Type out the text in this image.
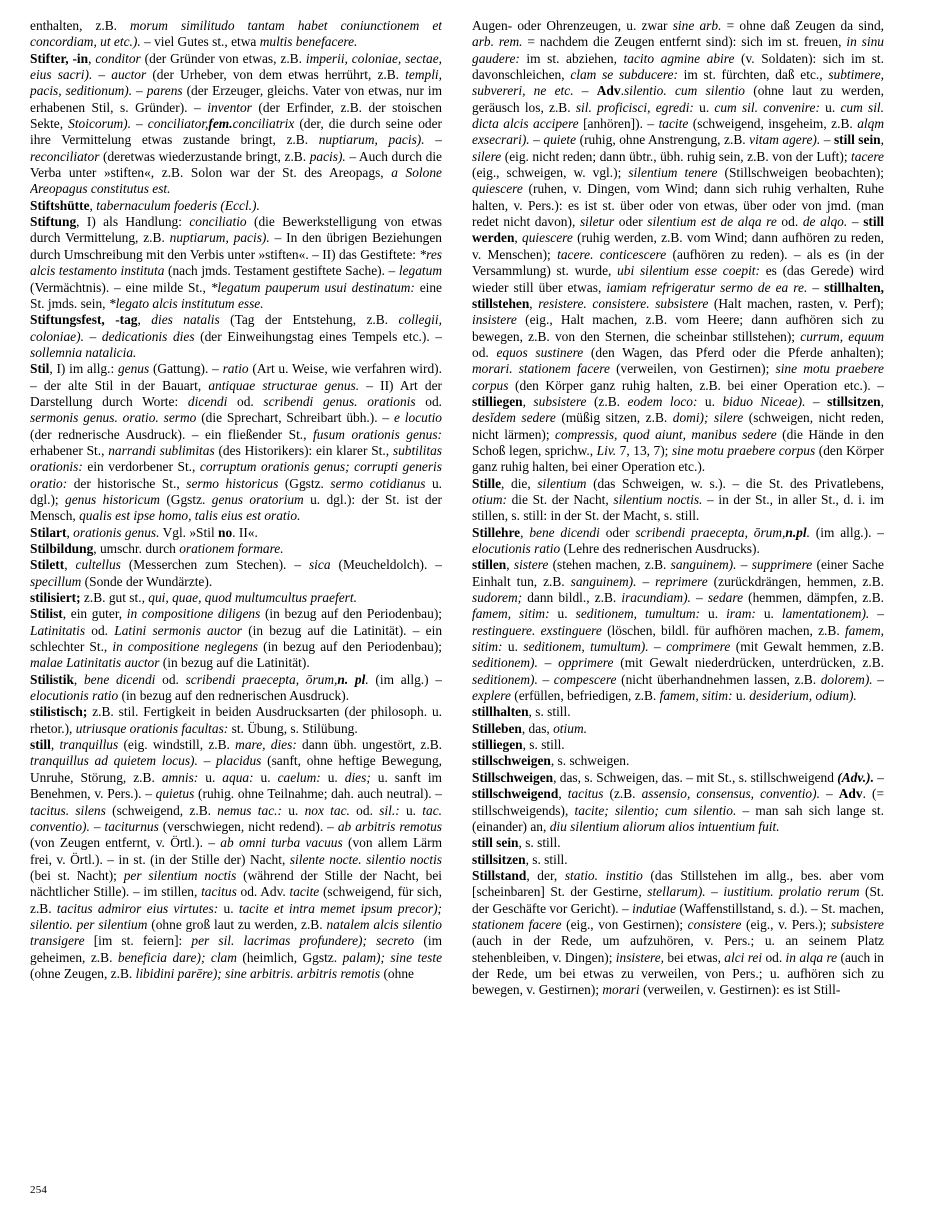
enthalten, z.B. morum similitudo tantam habet coniunctionem et concordiam, ut etc.). – viel Gutes st., etwa multis benefacere.

Stifter, -in, conditor (der Gründer von etwas, z.B. imperii, coloniae, sectae, eius sacri). – auctor (der Urheber, von dem etwas herrührt, z.B. templi, pacis, seditionum). – parens (der Erzeuger, gleichs. Vater von etwas, nur im erhabenen Stil, s. Gründer). – inventor (der Erfinder, z.B. der stoischen Sekte, Stoicorum). – conciliator,fem.conciliatrix (der, die durch seine oder ihre Vermittelung etwas zustande bringt, z.B. nuptiarum, pacis). – reconciliator (deretwas wiederzustande bringt, z.B. pacis). – Auch durch die Verba unter »stiften«, z.B. Solon war der St. des Areopags, a Solone Areopagus constitutus est.

Stiftshütte, tabernaculum foederis (Eccl.).

Stiftung, I) als Handlung: conciliatio (die Bewerkstelligung von etwas durch Vermittelung, z.B. nuptiarum, pacis). – In den übrigen Beziehungen durch Umschreibung mit den Verbis unter »stiften«. – II) das Gestiftete: *res alcis testamento instituta (nach jmds. Testament gestiftete Sache). – legatum (Vermächtnis). – eine milde St., *legatum pauperum usui destinatum: eine St. jmds. sein, *legato alcis institutum esse.

Stiftungsfest, -tag, dies natalis (Tag der Entstehung, z.B. collegii, coloniae). – dedicationis dies (der Einweihungstag eines Tempels etc.). – sollemnia natalicia.

Stil, I) im allg.: genus (Gattung). – ratio (Art u. Weise, wie verfahren wird). – der alte Stil in der Bauart, antiquae structurae genus. – II) Art der Darstellung durch Worte: dicendi od. scribendi genus. orationis od. sermonis genus. oratio. sermo (die Sprechart, Schreibart übh.). – e locutio (der rednerische Ausdruck). – ein fließender St., fusum orationis genus: erhabener St., narrandi sublimitas (des Historikers): ein klarer St., subtilitas orationis: ein verdorbener St., corruptum orationis genus; corrupti generis oratio: der historische St., sermo historicus (Ggstz. sermo cotidianus u. dgl.); genus historicum (Ggstz. genus oratorium u. dgl.): der St. ist der Mensch, qualis est ipse homo, talis eius est oratio.

Stilart, orationis genus. Vgl. »Stil no. II«.

Stilbildung, umschr. durch orationem formare.

Stilett, cultellus (Messerchen zum Stechen). – sica (Meucheldolch). – specillum (Sonde der Wundärzte).

stilisiert; z.B. gut st., qui, quae, quod multumcultus praefert.

Stilist, ein guter, in compositione diligens (in bezug auf den Periodenbau); Latinitatis od. Latini sermonis auctor (in bezug auf die Latinität). – ein schlechter St., in compositione neglegens (in bezug auf den Periodenbau); malae Latinitatis auctor (in bezug auf die Latinität).

Stilistik, bene dicendi od. scribendi praecepta, ōrum,n. pl. (im allg.) – elocutionis ratio (in bezug auf den rednerischen Ausdruck).

stilistisch; z.B. stil. Fertigkeit in beiden Ausdrucksarten (der philosoph. u. rhetor.), utriusque orationis facultas: st. Übung, s. Stilübung.

still, tranquillus (eig. windstill, z.B. mare, dies: dann übh. ungestört, z.B. tranquillus ad quietem locus). – placidus (sanft, ohne heftige Bewegung, Unruhe, Störung, z.B. amnis: u. aqua: u. caelum: u. dies; u. sanft im Benehmen, v. Pers.). – quietus (ruhig. ohne Teilnahme; dah. auch neutral). – tacitus. silens (schweigend, z.B. nemus tac.: u. nox tac. od. sil.: u. tac. conventio). – taciturnus (verschwiegen, nicht redend). – ab arbitris remotus (von Zeugen entfernt, v. Örtl.). – ab omni turba vacuus (von allem Lärm frei, v. Örtl.). – in st. (in der Stille der) Nacht, silente nocte. silentio noctis (bei st. Nacht); per silentium noctis (während der Stille der Nacht, bei nächtlicher Stille). – im stillen, tacitus od. Adv. tacite (schweigend, für sich, z.B. tacitus admiror eius virtutes: u. tacite et intra memet ipsum precor); silentio. per silentium (ohne groß laut zu werden, z.B. natalem alcis silentio transigere [im st. feiern]: per sil. lacrimas profundere); secreto (im geheimen, z.B. beneficia dare); clam (heimlich, Ggstz. palam); sine teste (ohne Zeugen, z.B. libidini parēre); sine arbitris. arbitris remotis (ohne

Augen- oder Ohrenzeugen, u. zwar sine arb. = ohne daß Zeugen da sind, arb. rem. = nachdem die Zeugen entfernt sind): sich im st. freuen, in sinu gaudere: im st. abziehen, tacito agmine abire (v. Soldaten): sich im st. davonschleichen, clam se subducere: im st. fürchten, daß etc., subtimere, subvereri, ne etc. – Adv.silentio. cum silentio (ohne laut zu werden, geräusch los, z.B. sil. proficisci, egredi: u. cum sil. convenire: u. cum sil. dicta alcis accipere [anhören]). – tacite (schweigend, insgeheim, z.B. alqm exsecrari). – quiete (ruhig, ohne Anstrengung, z.B. vitam agere). – still sein, silere (eig. nicht reden; dann übtr., übh. ruhig sein, z.B. von der Luft); tacere (eig., schweigen, w. vgl.); silentium tenere (Stillschweigen beobachten); quiescere (ruhen, v. Dingen, vom Wind; dann sich ruhig verhalten, Ruhe halten, v. Pers.): es ist st. über oder von etwas, über oder von jmd. (man redet nicht davon), siletur oder silentium est de alqa re od. de alqo. – still werden, quiescere (ruhig werden, z.B. vom Wind; dann aufhören zu reden, v. Menschen); tacere. conticescere (aufhören zu reden). – als es (in der Versammlung) st. wurde, ubi silentium esse coepit: es (das Gerede) wird wieder still über etwas, iamiam refrigeratur sermo de ea re. – stillhalten, stillstehen, resistere. consistere. subsistere (Halt machen, rasten, v. Perf); insistere (eig., Halt machen, z.B. vom Heere; dann aufhören sich zu bewegen, z.B. von den Sternen, die scheinbar stillstehen); currum, equum od. equos sustinere (den Wagen, das Pferd oder die Pferde anhalten); morari. stationem facere (verweilen, von Gestirnen); sine motu praebere corpus (den Körper ganz ruhig halten, z.B. bei einer Operation etc.). – stilliegen, subsistere (z.B. eodem loco: u. biduo Niceae). – stillsitzen, desĭdem sedere (müßig sitzen, z.B. domi); silere (schweigen, nicht reden, nicht lärmen); compressis, quod aiunt, manibus sedere (die Hände in den Schoß legen, sprichw., Liv. 7, 13, 7); sine motu praebere corpus (den Körper ganz ruhig halten, bei einer Operation etc.).

Stille, die, silentium (das Schweigen, w. s.). – die St. des Privatlebens, otium: die St. der Nacht, silentium noctis. – in der St., in aller St., d. i. im stillen, s. still: in der St. der Macht, s. still.

Stillehre, bene dicendi oder scribendi praecepta, ōrum,n.pl. (im allg.). – elocutionis ratio (Lehre des rednerischen Ausdrucks).

stillen, sistere (stehen machen, z.B. sanguinem). – supprimere (einer Sache Einhalt tun, z.B. sanguinem). – reprimere (zurückdrängen, hemmen, z.B. sudorem; dann bildl., z.B. iracundiam). – sedare (hemmen, dämpfen, z.B. famem, sitim: u. seditionem, tumultum: u. iram: u. lamentationem). – restinguere. exstinguere (löschen, bildl. für aufhören machen, z.B. famem, sitim: u. seditionem, tumultum). – comprimere (mit Gewalt hemmen, z.B. seditionem). – opprimere (mit Gewalt niederdrücken, unterdrücken, z.B. seditionem). – compescere (nicht überhandnehmen lassen, z.B. dolorem). – explere (erfüllen, befriedigen, z.B. famem, sitim: u. desiderium, odium).

stillhalten, s. still.

Stilleben, das, otium.

stilliegen, s. still.

stillschweigen, s. schweigen.

Stillschweigen, das, s. Schweigen, das. – mit St., s. stillschweigend (Adv.). – stillschweigend, tacitus (z.B. assensio, consensus, conventio). – Adv. (= stillschweigends), tacite; silentio; cum silentio. – man sah sich lange st. (einander) an, diu silentium aliorum alios intuentium fuit.

still sein, s. still.

stillsitzen, s. still.

Stillstand, der, statio. institio (das Stillstehen im allg., bes. aber vom [scheinbaren] St. der Gestirne, stellarum). – iustitium. prolatio rerum (St. der Geschäfte vor Gericht). – indutiae (Waffenstillstand, s. d.). – St. machen, stationem facere (eig., von Gestirnen); consistere (eig., v. Pers.); subsistere (auch in der Rede, um aufzuhören, v. Pers.; u. an seinem Platz stehenbleiben, v. Dingen); insistere, bei etwas, alci rei od. in alqa re (auch in der Rede, um bei etwas zu verweilen, von Pers.; u. aufhören sich zu bewegen, v. Gestirnen); morari (verweilen, v. Gestirnen): es ist Still-

254
